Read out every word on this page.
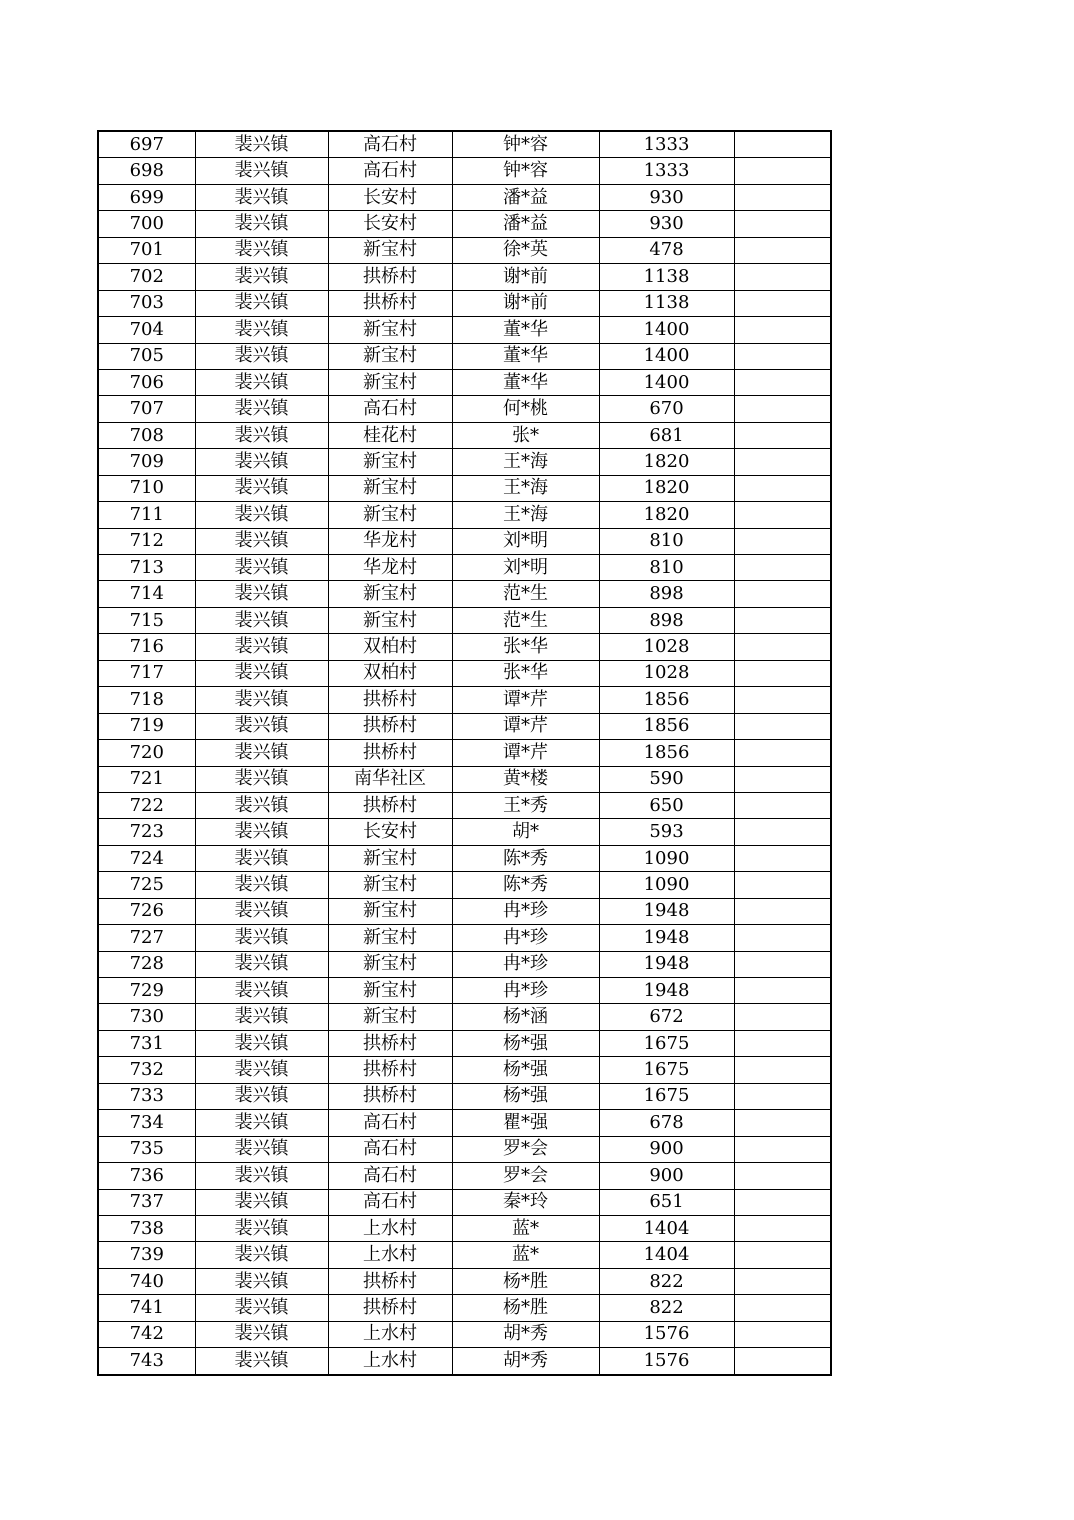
697	裴兴镇	高石村	钟*容	1333	
698	裴兴镇	高石村	钟*容	1333	
699	裴兴镇	长安村	潘*益	930	
700	裴兴镇	长安村	潘*益	930	
701	裴兴镇	新宝村	徐*英	478	
702	裴兴镇	拱桥村	谢*前	1138	
703	裴兴镇	拱桥村	谢*前	1138	
704	裴兴镇	新宝村	董*华	1400	
705	裴兴镇	新宝村	董*华	1400	
706	裴兴镇	新宝村	董*华	1400	
707	裴兴镇	高石村	何*桃	670	
708	裴兴镇	桂花村	张*	681	
709	裴兴镇	新宝村	王*海	1820	
710	裴兴镇	新宝村	王*海	1820	
711	裴兴镇	新宝村	王*海	1820	
712	裴兴镇	华龙村	刘*明	810	
713	裴兴镇	华龙村	刘*明	810	
714	裴兴镇	新宝村	范*生	898	
715	裴兴镇	新宝村	范*生	898	
716	裴兴镇	双柏村	张*华	1028	
717	裴兴镇	双柏村	张*华	1028	
718	裴兴镇	拱桥村	谭*芹	1856	
719	裴兴镇	拱桥村	谭*芹	1856	
720	裴兴镇	拱桥村	谭*芹	1856	
721	裴兴镇	南华社区	黄*楼	590	
722	裴兴镇	拱桥村	王*秀	650	
723	裴兴镇	长安村	胡*	593	
724	裴兴镇	新宝村	陈*秀	1090	
725	裴兴镇	新宝村	陈*秀	1090	
726	裴兴镇	新宝村	冉*珍	1948	
727	裴兴镇	新宝村	冉*珍	1948	
728	裴兴镇	新宝村	冉*珍	1948	
729	裴兴镇	新宝村	冉*珍	1948	
730	裴兴镇	新宝村	杨*涵	672	
731	裴兴镇	拱桥村	杨*强	1675	
732	裴兴镇	拱桥村	杨*强	1675	
733	裴兴镇	拱桥村	杨*强	1675	
734	裴兴镇	高石村	瞿*强	678	
735	裴兴镇	高石村	罗*会	900	
736	裴兴镇	高石村	罗*会	900	
737	裴兴镇	高石村	秦*玲	651	
738	裴兴镇	上水村	蓝*	1404	
739	裴兴镇	上水村	蓝*	1404	
740	裴兴镇	拱桥村	杨*胜	822	
741	裴兴镇	拱桥村	杨*胜	822	
742	裴兴镇	上水村	胡*秀	1576	
743	裴兴镇	上水村	胡*秀	1576	
